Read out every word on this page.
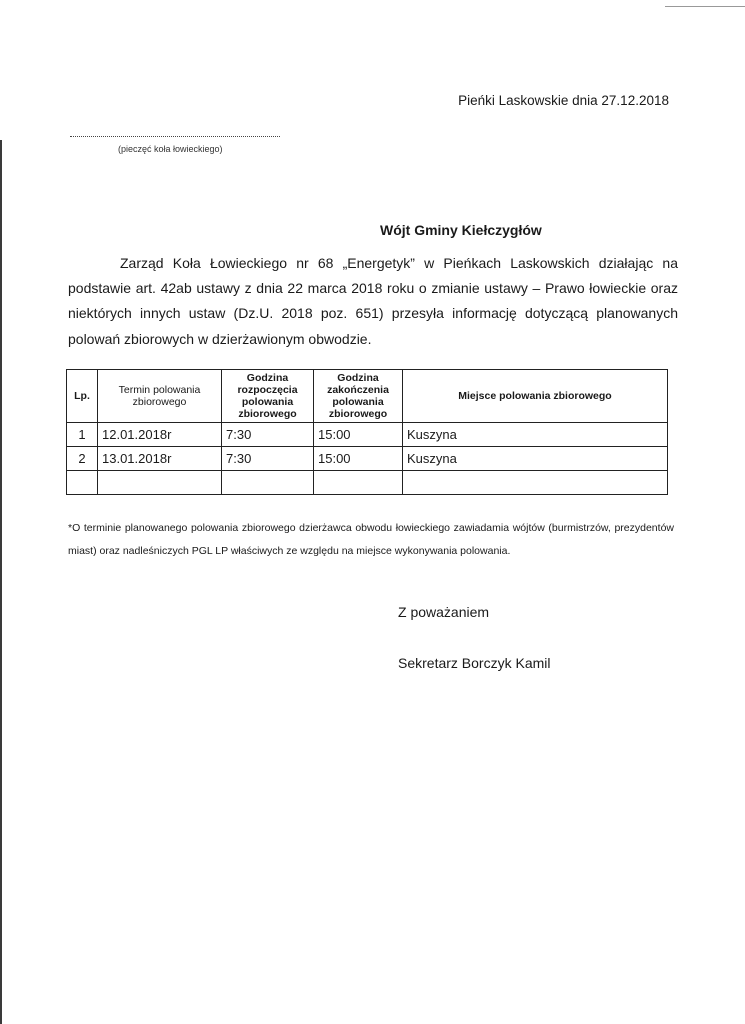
Pieńki Laskowskie dnia 27.12.2018
(pieczęć koła łowieckiego)
Wójt Gminy Kiełczygłów
Zarząd Koła Łowieckiego nr 68 „Energetyk” w Pieńkach Laskowskich działając na podstawie art. 42ab ustawy z dnia 22 marca 2018 roku o zmianie ustawy – Prawo łowieckie oraz niektórych innych ustaw (Dz.U. 2018 poz. 651) przesyła informację dotyczącą planowanych polowań zbiorowych w dzierżawionym obwodzie.
Lp.	Termin polowania zbiorowego	Godzina rozpoczęcia polowania zbiorowego	Godzina zakończenia polowania zbiorowego	Miejsce polowania zbiorowego
1	12.01.2018r	7:30	15:00	Kuszyna
2	13.01.2018r	7:30	15:00	Kuszyna

*O terminie planowanego polowania zbiorowego dzierżawca obwodu łowieckiego zawiadamia wójtów (burmistrzów, prezydentów miast) oraz nadleśniczych PGL LP właściwych ze względu na miejsce wykonywania polowania.
Z poważaniem
Sekretarz Borczyk Kamil
